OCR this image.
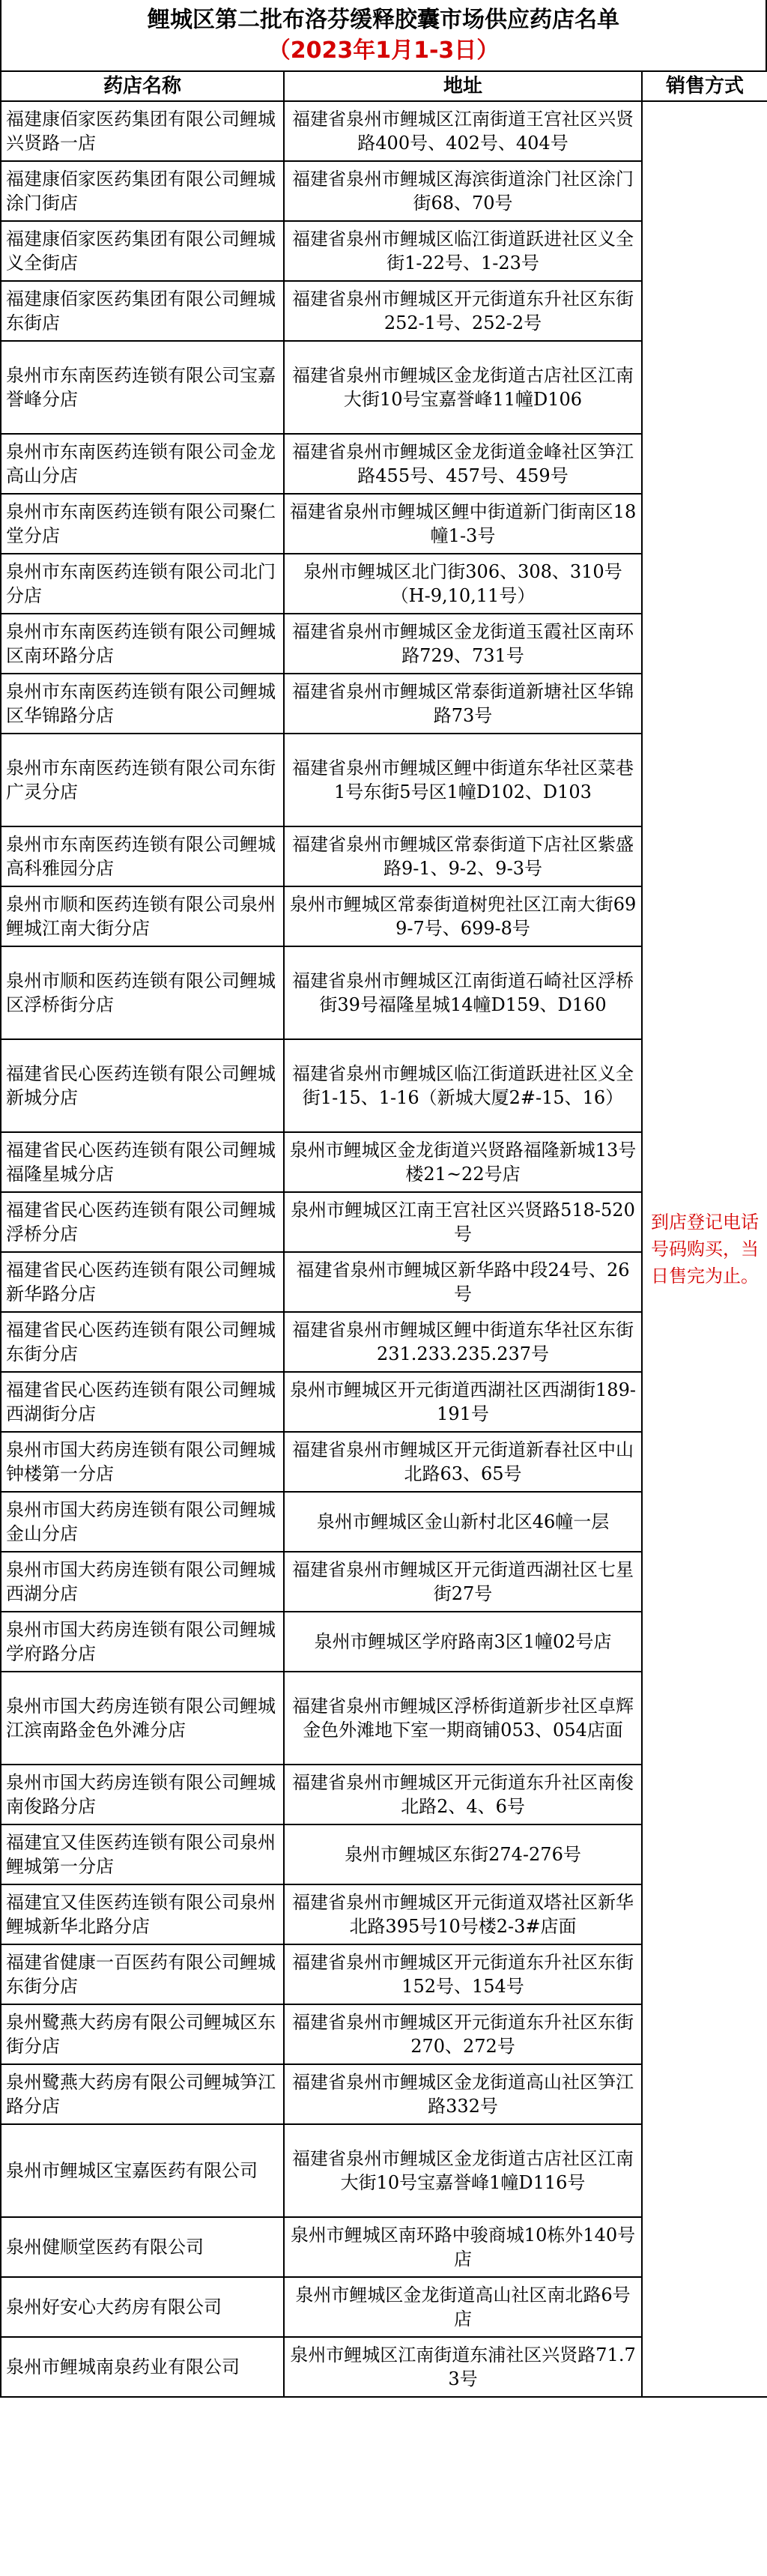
鲤城区第二批布洛芬缓释胶囊市场供应药店名单
（2023年1月1-3日）
药店名称	地址	销售方式
福建康佰家医药集团有限公司鲤城兴贤路一店	福建省泉州市鲤城区江南街道王宫社区兴贤路400号、402号、404号	到店登记电话号码购买，当日售完为止。
福建康佰家医药集团有限公司鲤城涂门街店	福建省泉州市鲤城区海滨街道涂门社区涂门街68、70号	
福建康佰家医药集团有限公司鲤城义全街店	福建省泉州市鲤城区临江街道跃进社区义全街1-22号、1-23号	
福建康佰家医药集团有限公司鲤城东街店	福建省泉州市鲤城区开元街道东升社区东街252-1号、252-2号	
泉州市东南医药连锁有限公司宝嘉誉峰分店	福建省泉州市鲤城区金龙街道古店社区江南大街10号宝嘉誉峰11幢D106	
泉州市东南医药连锁有限公司金龙高山分店	福建省泉州市鲤城区金龙街道金峰社区笋江路455号、457号、459号	
泉州市东南医药连锁有限公司聚仁堂分店	福建省泉州市鲤城区鲤中街道新门街南区18幢1-3号	
泉州市东南医药连锁有限公司北门分店	泉州市鲤城区北门街306、308、310号（H-9,10,11号）	
泉州市东南医药连锁有限公司鲤城区南环路分店	福建省泉州市鲤城区金龙街道玉霞社区南环路729、731号	
泉州市东南医药连锁有限公司鲤城区华锦路分店	福建省泉州市鲤城区常泰街道新塘社区华锦路73号	
泉州市东南医药连锁有限公司东街广灵分店	福建省泉州市鲤城区鲤中街道东华社区菜巷1号东街5号区1幢D102、D103	
泉州市东南医药连锁有限公司鲤城高科雅园分店	福建省泉州市鲤城区常泰街道下店社区紫盛路9-1、9-2、9-3号	
泉州市顺和医药连锁有限公司泉州鲤城江南大街分店	泉州市鲤城区常泰街道树兜社区江南大街699-7号、699-8号	
泉州市顺和医药连锁有限公司鲤城区浮桥街分店	福建省泉州市鲤城区江南街道石崎社区浮桥街39号福隆星城14幢D159、D160	
福建省民心医药连锁有限公司鲤城新城分店	福建省泉州市鲤城区临江街道跃进社区义全街1-15、1-16（新城大厦2#-15、16）	
福建省民心医药连锁有限公司鲤城福隆星城分店	泉州市鲤城区金龙街道兴贤路福隆新城13号楼21~22号店	
福建省民心医药连锁有限公司鲤城浮桥分店	泉州市鲤城区江南王宫社区兴贤路518-520号	
福建省民心医药连锁有限公司鲤城新华路分店	福建省泉州市鲤城区新华路中段24号、26号	
福建省民心医药连锁有限公司鲤城东街分店	福建省泉州市鲤城区鲤中街道东华社区东街231.233.235.237号	
福建省民心医药连锁有限公司鲤城西湖街分店	泉州市鲤城区开元街道西湖社区西湖街189-191号	
泉州市国大药房连锁有限公司鲤城钟楼第一分店	福建省泉州市鲤城区开元街道新春社区中山北路63、65号	
泉州市国大药房连锁有限公司鲤城金山分店	泉州市鲤城区金山新村北区46幢一层	
泉州市国大药房连锁有限公司鲤城西湖分店	福建省泉州市鲤城区开元街道西湖社区七星街27号	
泉州市国大药房连锁有限公司鲤城学府路分店	泉州市鲤城区学府路南3区1幢02号店	
泉州市国大药房连锁有限公司鲤城江滨南路金色外滩分店	福建省泉州市鲤城区浮桥街道新步社区卓辉金色外滩地下室一期商铺053、054店面	
泉州市国大药房连锁有限公司鲤城南俊路分店	福建省泉州市鲤城区开元街道东升社区南俊北路2、4、6号	
福建宜又佳医药连锁有限公司泉州鲤城第一分店	泉州市鲤城区东街274-276号	
福建宜又佳医药连锁有限公司泉州鲤城新华北路分店	福建省泉州市鲤城区开元街道双塔社区新华北路395号10号楼2-3#店面	
福建省健康一百医药有限公司鲤城东街分店	福建省泉州市鲤城区开元街道东升社区东街152号、154号	
泉州鹭燕大药房有限公司鲤城区东街分店	福建省泉州市鲤城区开元街道东升社区东街270、272号	
泉州鹭燕大药房有限公司鲤城笋江路分店	福建省泉州市鲤城区金龙街道高山社区笋江路332号	
泉州市鲤城区宝嘉医药有限公司	福建省泉州市鲤城区金龙街道古店社区江南大街10号宝嘉誉峰1幢D116号	
泉州健顺堂医药有限公司	泉州市鲤城区南环路中骏商城10栋外140号店	
泉州好安心大药房有限公司	泉州市鲤城区金龙街道高山社区南北路6号店	
泉州市鲤城南泉药业有限公司	泉州市鲤城区江南街道东浦社区兴贤路71.73号	
